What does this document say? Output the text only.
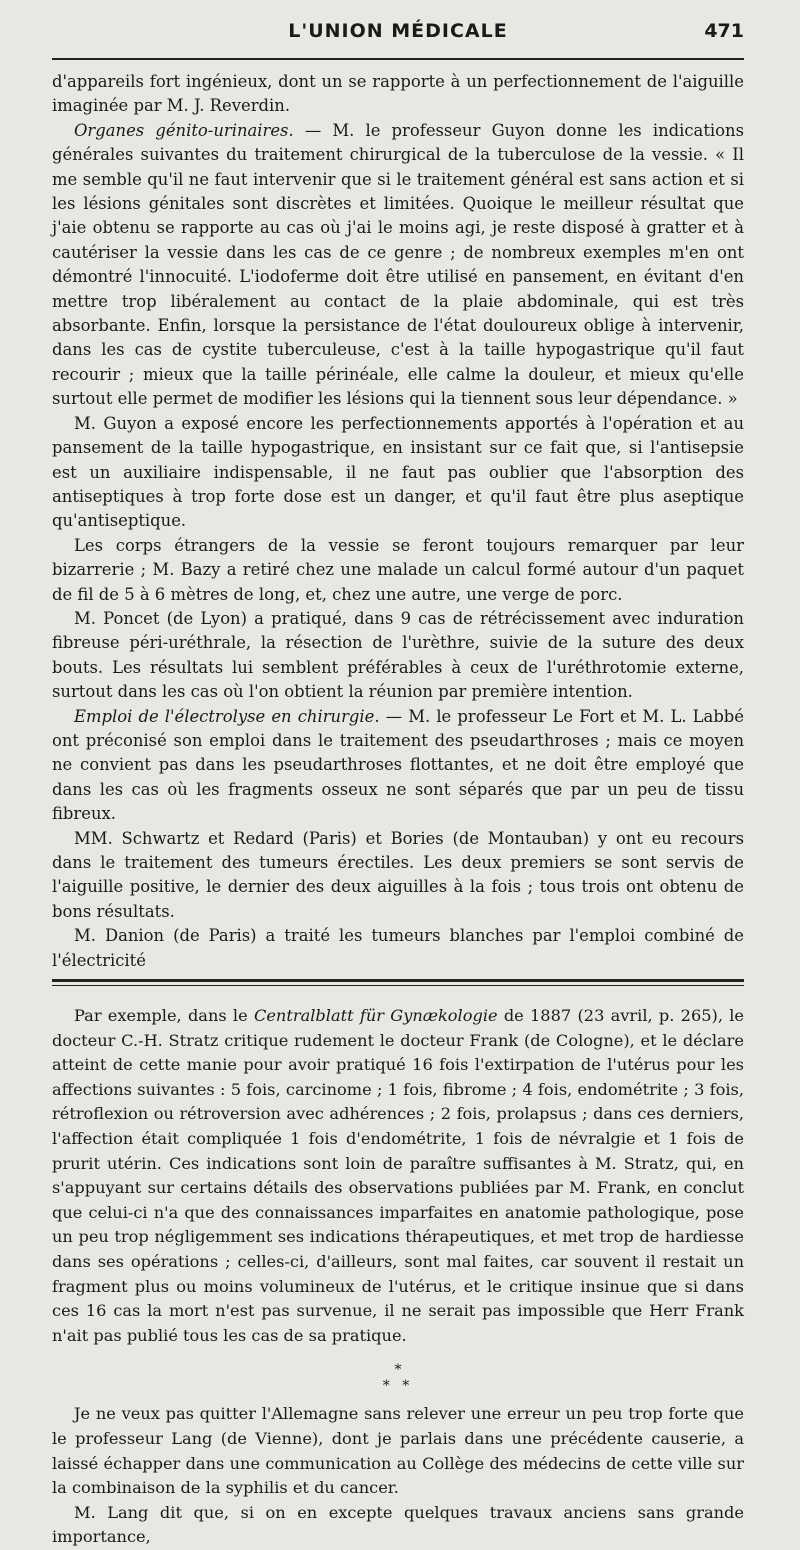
L'UNION MÉDICALE	471

d'appareils fort ingénieux, dont un se rapporte à un perfectionnement de l'aiguille imaginée par M. J. Reverdin.

Organes génito-urinaires. — M. le professeur Guyon donne les indications générales suivantes du traitement chirurgical de la tuberculose de la vessie. « Il me semble qu'il ne faut intervenir que si le traitement général est sans action et si les lésions génitales sont discrètes et limitées. Quoique le meilleur résultat que j'aie obtenu se rapporte au cas où j'ai le moins agi, je reste disposé à gratter et à cautériser la vessie dans les cas de ce genre ; de nombreux exemples m'en ont démontré l'innocuité. L'iodoferme doit être utilisé en pansement, en évitant d'en mettre trop libéralement au contact de la plaie abdominale, qui est très absorbante. Enfin, lorsque la persistance de l'état douloureux oblige à intervenir, dans les cas de cystite tuberculeuse, c'est à la taille hypogastrique qu'il faut recourir ; mieux que la taille périnéale, elle calme la douleur, et mieux qu'elle surtout elle permet de modifier les lésions qui la tiennent sous leur dépendance. »

M. Guyon a exposé encore les perfectionnements apportés à l'opération et au pansement de la taille hypogastrique, en insistant sur ce fait que, si l'antisepsie est un auxiliaire indispensable, il ne faut pas oublier que l'absorption des antiseptiques à trop forte dose est un danger, et qu'il faut être plus aseptique qu'antiseptique.

Les corps étrangers de la vessie se feront toujours remarquer par leur bizarrerie ; M. Bazy a retiré chez une malade un calcul formé autour d'un paquet de fil de 5 à 6 mètres de long, et, chez une autre, une verge de porc.

M. Poncet (de Lyon) a pratiqué, dans 9 cas de rétrécissement avec induration fibreuse péri-uréthrale, la résection de l'urèthre, suivie de la suture des deux bouts. Les résultats lui semblent préférables à ceux de l'uréthrotomie externe, surtout dans les cas où l'on obtient la réunion par première intention.

Emploi de l'électrolyse en chirurgie. — M. le professeur Le Fort et M. L. Labbé ont préconisé son emploi dans le traitement des pseudarthroses ; mais ce moyen ne convient pas dans les pseudarthroses flottantes, et ne doit être employé que dans les cas où les fragments osseux ne sont séparés que par un peu de tissu fibreux.

MM. Schwartz et Redard (Paris) et Bories (de Montauban) y ont eu recours dans le traitement des tumeurs érectiles. Les deux premiers se sont servis de l'aiguille positive, le dernier des deux aiguilles à la fois ; tous trois ont obtenu de bons résultats.

M. Danion (de Paris) a traité les tumeurs blanches par l'emploi combiné de l'électricité

Par exemple, dans le Centralblatt für Gynækologie de 1887 (23 avril, p. 265), le docteur C.-H. Stratz critique rudement le docteur Frank (de Cologne), et le déclare atteint de cette manie pour avoir pratiqué 16 fois l'extirpation de l'utérus pour les affections suivantes : 5 fois, carcinome ; 1 fois, fibrome ; 4 fois, endométrite ; 3 fois, rétroflexion ou rétroversion avec adhérences ; 2 fois, prolapsus ; dans ces derniers, l'affection était compliquée 1 fois d'endométrite, 1 fois de névralgie et 1 fois de prurit utérin. Ces indications sont loin de paraître suffisantes à M. Stratz, qui, en s'appuyant sur certains détails des observations publiées par M. Frank, en conclut que celui-ci n'a que des connaissances imparfaites en anatomie pathologique, pose un peu trop négligemment ses indications thérapeutiques, et met trop de hardiesse dans ses opérations ; celles-ci, d'ailleurs, sont mal faites, car souvent il restait un fragment plus ou moins volumineux de l'utérus, et le critique insinue que si dans ces 16 cas la mort n'est pas survenue, il ne serait pas impossible que Herr Frank n'ait pas publié tous les cas de sa pratique.

*
* *

Je ne veux pas quitter l'Allemagne sans relever une erreur un peu trop forte que le professeur Lang (de Vienne), dont je parlais dans une précédente causerie, a laissé échapper dans une communication au Collège des médecins de cette ville sur la combinaison de la syphilis et du cancer.

M. Lang dit que, si on en excepte quelques travaux anciens sans grande importance,
